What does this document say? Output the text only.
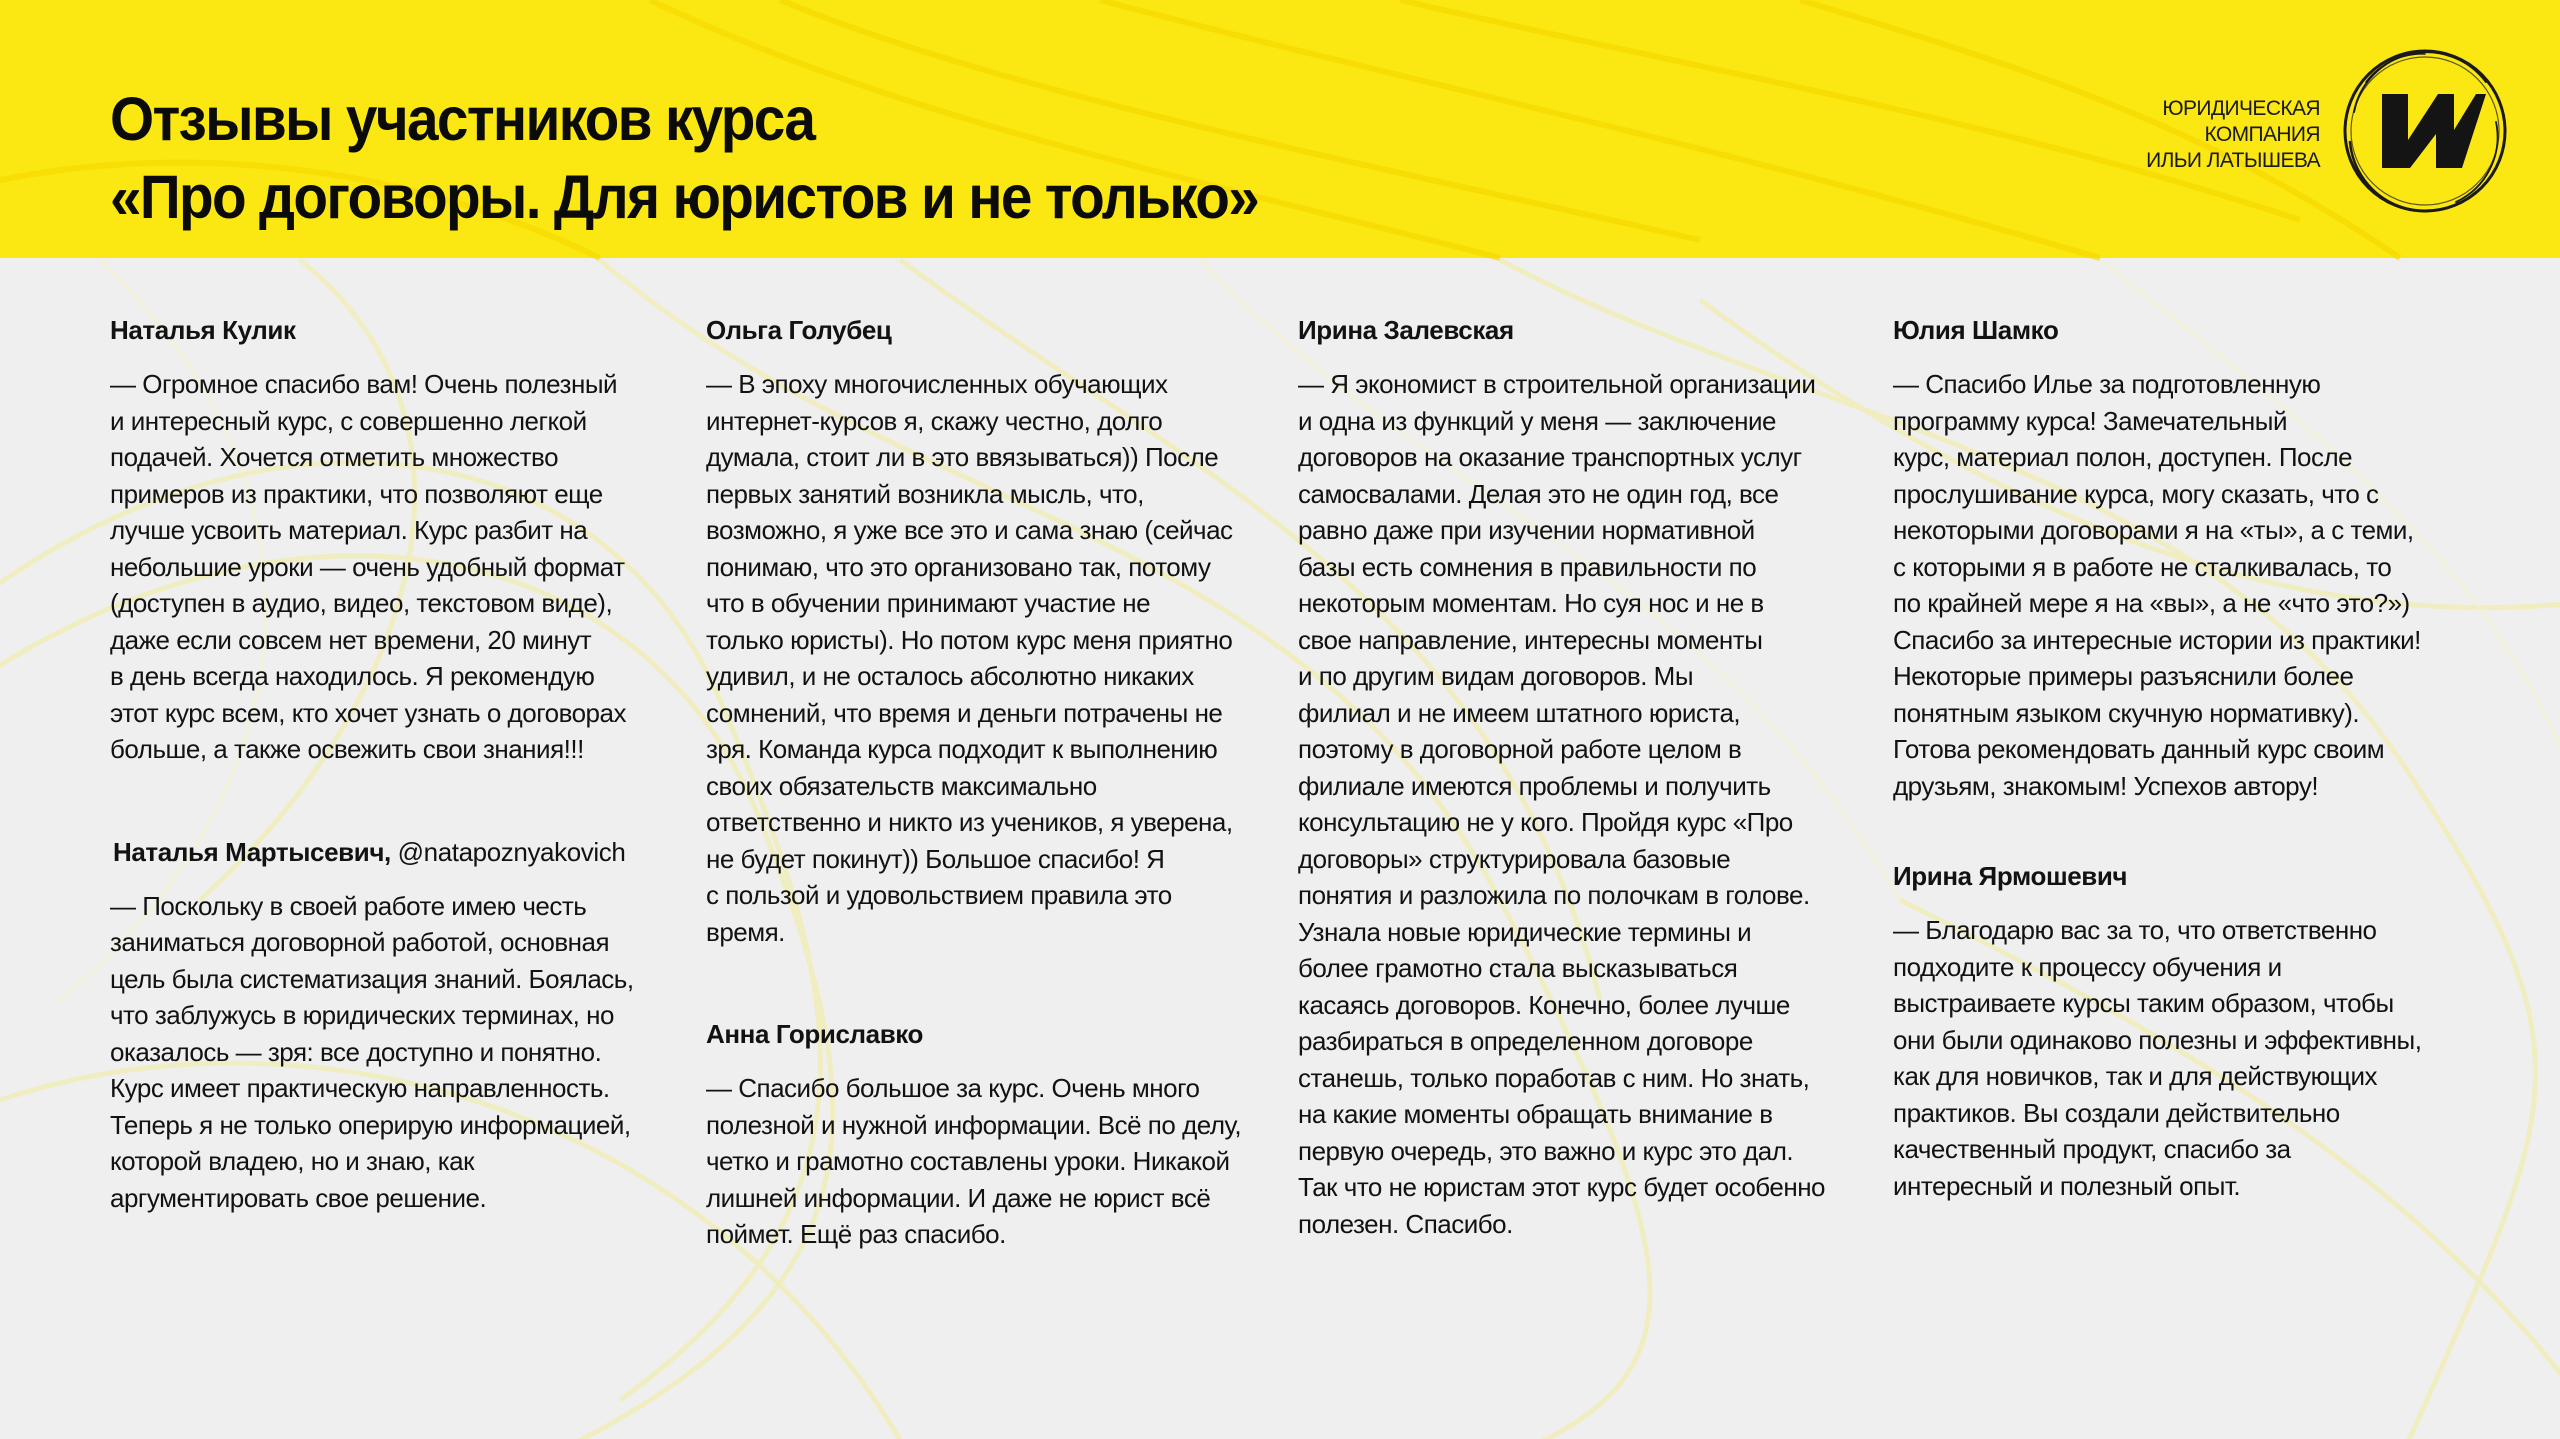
Отзывы участников курса
«Про договоры. Для юристов и не только»
ЮРИДИЧЕСКАЯ
КОМПАНИЯ
ИЛЬИ ЛАТЫШЕВА

Наталья Кулик

— Огромное спасибо вам! Очень полезный
и интересный курс, с совершенно легкой
подачей. Хочется отметить множество
примеров из практики, что позволяют еще
лучше усвоить материал. Курс разбит на
небольшие уроки — очень удобный формат
(доступен в аудио, видео, текстовом виде),
даже если совсем нет времени, 20 минут
в день всегда находилось. Я рекомендую
этот курс всем, кто хочет узнать о договорах
больше, а также освежить свои знания!!!

Наталья Мартысевич, @natapoznyakovich

— Поскольку в своей работе имею честь
заниматься договорной работой, основная
цель была систематизация знаний. Боялась,
что заблужусь в юридических терминах, но
оказалось — зря: все доступно и понятно.
Курс имеет практическую направленность.
Теперь я не только оперирую информацией,
которой владею, но и знаю, как
аргументировать свое решение.

Ольга Голубец

— В эпоху многочисленных обучающих
интернет-курсов я, скажу честно, долго
думала, стоит ли в это ввязываться)) После
первых занятий возникла мысль, что,
возможно, я уже все это и сама знаю (сейчас
понимаю, что это организовано так, потому
что в обучении принимают участие не
только юристы). Но потом курс меня приятно
удивил, и не осталось абсолютно никаких
сомнений, что время и деньги потрачены не
зря. Команда курса подходит к выполнению
своих обязательств максимально
ответственно и никто из учеников, я уверена,
не будет покинут)) Большое спасибо! Я
с пользой и удовольствием правила это
время.

Анна Гориславко

— Спасибо большое за курс. Очень много
полезной и нужной информации. Всё по делу,
четко и грамотно составлены уроки. Никакой
лишней информации. И даже не юрист всё
поймет. Ещё раз спасибо.

Ирина Залевская

— Я экономист в строительной организации
и одна из функций у меня — заключение
договоров на оказание транспортных услуг
самосвалами. Делая это не один год, все
равно даже при изучении нормативной
базы есть сомнения в правильности по
некоторым моментам. Но суя нос и не в
свое направление, интересны моменты
и по другим видам договоров. Мы
филиал и не имеем штатного юриста,
поэтому в договорной работе целом в
филиале имеются проблемы и получить
консультацию не у кого. Пройдя курс «Про
договоры» структурировала базовые
понятия и разложила по полочкам в голове.
Узнала новые юридические термины и
более грамотно стала высказываться
касаясь договоров. Конечно, более лучше
разбираться в определенном договоре
станешь, только поработав с ним. Но знать,
на какие моменты обращать внимание в
первую очередь, это важно и курс это дал.
Так что не юристам этот курс будет особенно
полезен. Спасибо.

Юлия Шамко

— Спасибо Илье за подготовленную
программу курса! Замечательный
курс, материал полон, доступен. После
прослушивание курса, могу сказать, что с
некоторыми договорами я на «ты», а с теми,
с которыми я в работе не сталкивалась, то
по крайней мере я на «вы», а не «что это?»)
Спасибо за интересные истории из практики!
Некоторые примеры разъяснили более
понятным языком скучную нормативку).
Готова рекомендовать данный курс своим
друзьям, знакомым! Успехов автору!

Ирина Ярмошевич

— Благодарю вас за то, что ответственно
подходите к процессу обучения и
выстраиваете курсы таким образом, чтобы
они были одинаково полезны и эффективны,
как для новичков, так и для действующих
практиков. Вы создали действительно
качественный продукт, спасибо за
интересный и полезный опыт.
